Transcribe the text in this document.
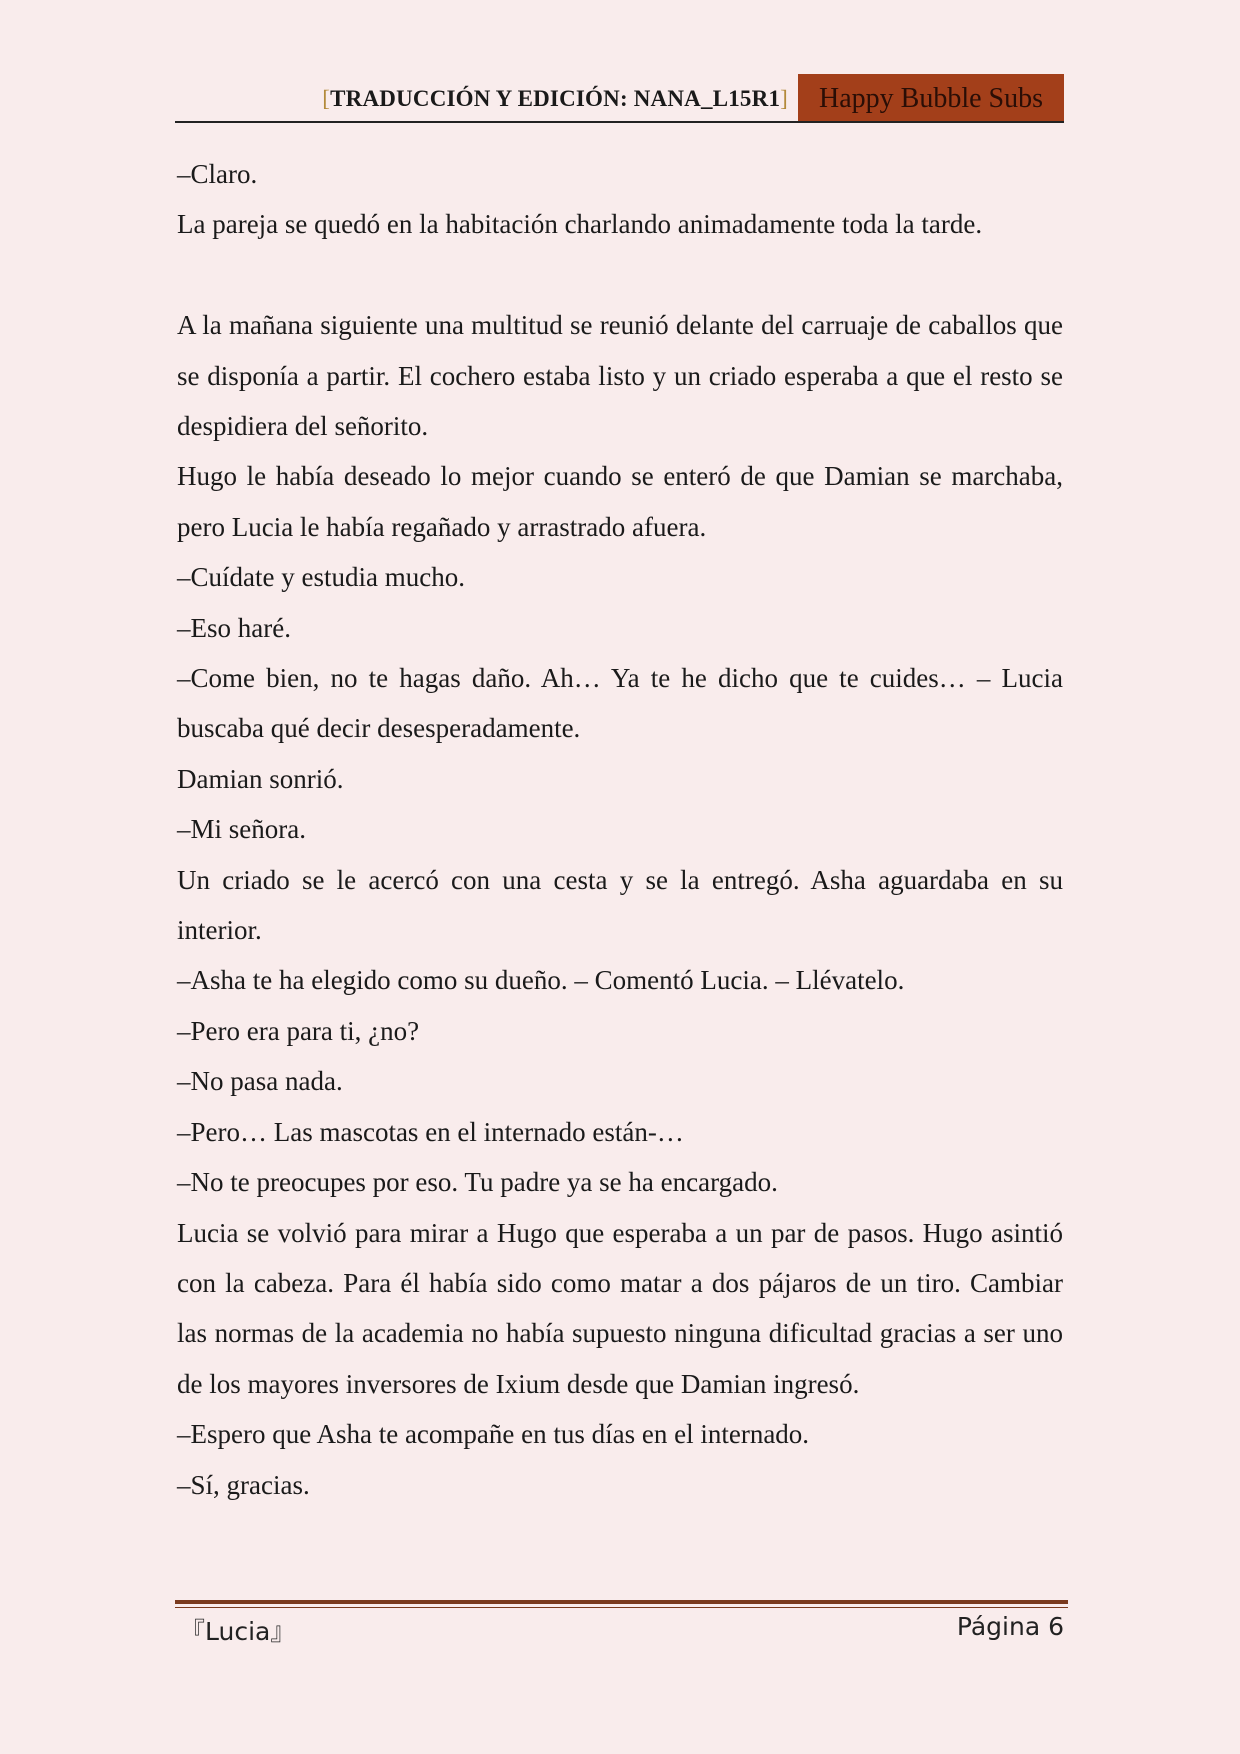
[TRADUCCIÓN Y EDICIÓN: NANA_L15R1]	Happy Bubble Subs

–Claro.

La pareja se quedó en la habitación charlando animadamente toda la tarde.

A la mañana siguiente una multitud se reunió delante del carruaje de caballos que se disponía a partir. El cochero estaba listo y un criado esperaba a que el resto se despidiera del señorito.

Hugo le había deseado lo mejor cuando se enteró de que Damian se marchaba, pero Lucia le había regañado y arrastrado afuera.

–Cuídate y estudia mucho.

–Eso haré.

–Come bien, no te hagas daño. Ah… Ya te he dicho que te cuides… – Lucia buscaba qué decir desesperadamente.

Damian sonrió.

–Mi señora.

Un criado se le acercó con una cesta y se la entregó. Asha aguardaba en su interior.

–Asha te ha elegido como su dueño. – Comentó Lucia. – Llévatelo.

–Pero era para ti, ¿no?

–No pasa nada.

–Pero… Las mascotas en el internado están-…

–No te preocupes por eso. Tu padre ya se ha encargado.

Lucia se volvió para mirar a Hugo que esperaba a un par de pasos. Hugo asintió con la cabeza. Para él había sido como matar a dos pájaros de un tiro. Cambiar las normas de la academia no había supuesto ninguna dificultad gracias a ser uno de los mayores inversores de Ixium desde que Damian ingresó.

–Espero que Asha te acompañe en tus días en el internado.

–Sí, gracias.

『Lucia』	Página 6
